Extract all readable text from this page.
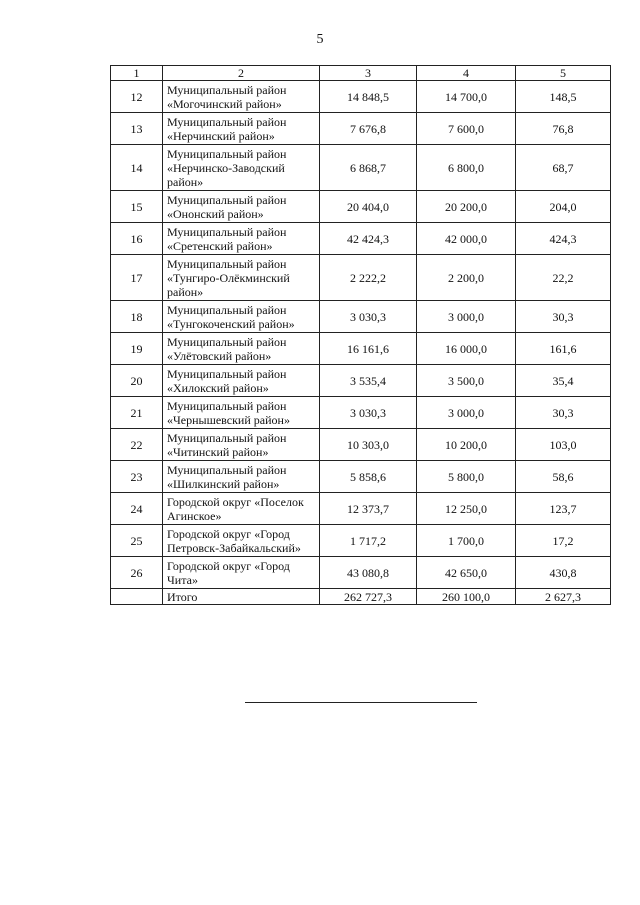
5
1	2	3	4	5
12	Муниципальный район «Могочинский район»	14 848,5	14 700,0	148,5
13	Муниципальный район «Нерчинский район»	7 676,8	7 600,0	76,8
14	Муниципальный район «Нерчинско-Заводский район»	6 868,7	6 800,0	68,7
15	Муниципальный район «Ононский район»	20 404,0	20 200,0	204,0
16	Муниципальный район «Сретенский район»	42 424,3	42 000,0	424,3
17	Муниципальный район «Тунгиро-Олёкминский район»	2 222,2	2 200,0	22,2
18	Муниципальный район «Тунгокоченский район»	3 030,3	3 000,0	30,3
19	Муниципальный район «Улётовский район»	16 161,6	16 000,0	161,6
20	Муниципальный район «Хилокский район»	3 535,4	3 500,0	35,4
21	Муниципальный район «Чернышевский район»	3 030,3	3 000,0	30,3
22	Муниципальный район «Читинский район»	10 303,0	10 200,0	103,0
23	Муниципальный район «Шилкинский район»	5 858,6	5 800,0	58,6
24	Городской округ «Поселок Агинское»	12 373,7	12 250,0	123,7
25	Городской округ «Город Петровск-Забайкальский»	1 717,2	1 700,0	17,2
26	Городской округ «Город Чита»	43 080,8	42 650,0	430,8
	Итого	262 727,3	260 100,0	2 627,3
